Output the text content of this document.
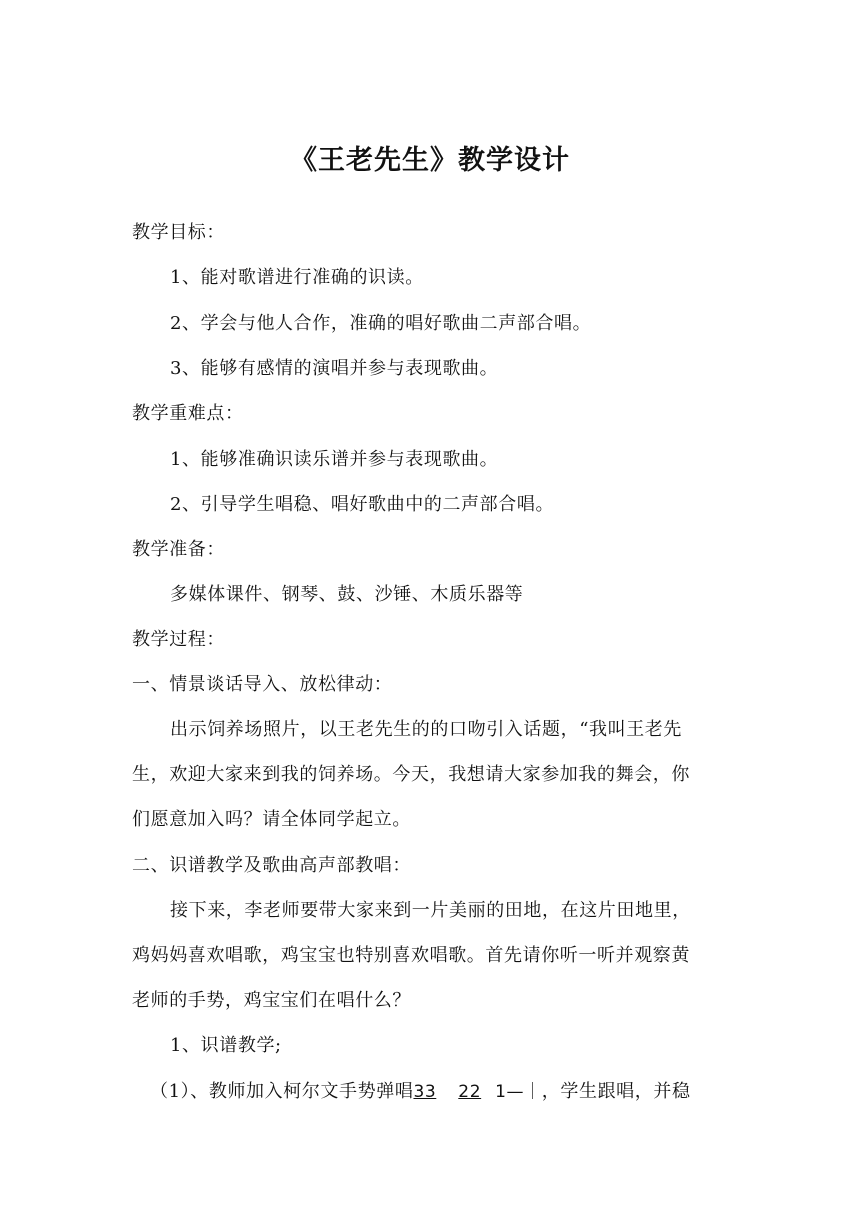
《王老先生》教学设计
教学目标：
1、能对歌谱进行准确的识读。
2、学会与他人合作，准确的唱好歌曲二声部合唱。
3、能够有感情的演唱并参与表现歌曲。
教学重难点：
1、能够准确识读乐谱并参与表现歌曲。
2、引导学生唱稳、唱好歌曲中的二声部合唱。
教学准备：
多媒体课件、钢琴、鼓、沙锤、木质乐器等
教学过程：
一、情景谈话导入、放松律动：
出示饲养场照片，以王老先生的的口吻引入话题，“我叫王老先
生，欢迎大家来到我的饲养场。今天，我想请大家参加我的舞会，你
们愿意加入吗？请全体同学起立。
二、识谱教学及歌曲高声部教唱：
接下来，李老师要带大家来到一片美丽的田地，在这片田地里，
鸡妈妈喜欢唱歌，鸡宝宝也特别喜欢唱歌。首先请你听一听并观察黄
老师的手势，鸡宝宝们在唱什么？
1、识谱教学;
（1）、教师加入柯尔文手势弹唱33 22 1—｜，学生跟唱，并稳
